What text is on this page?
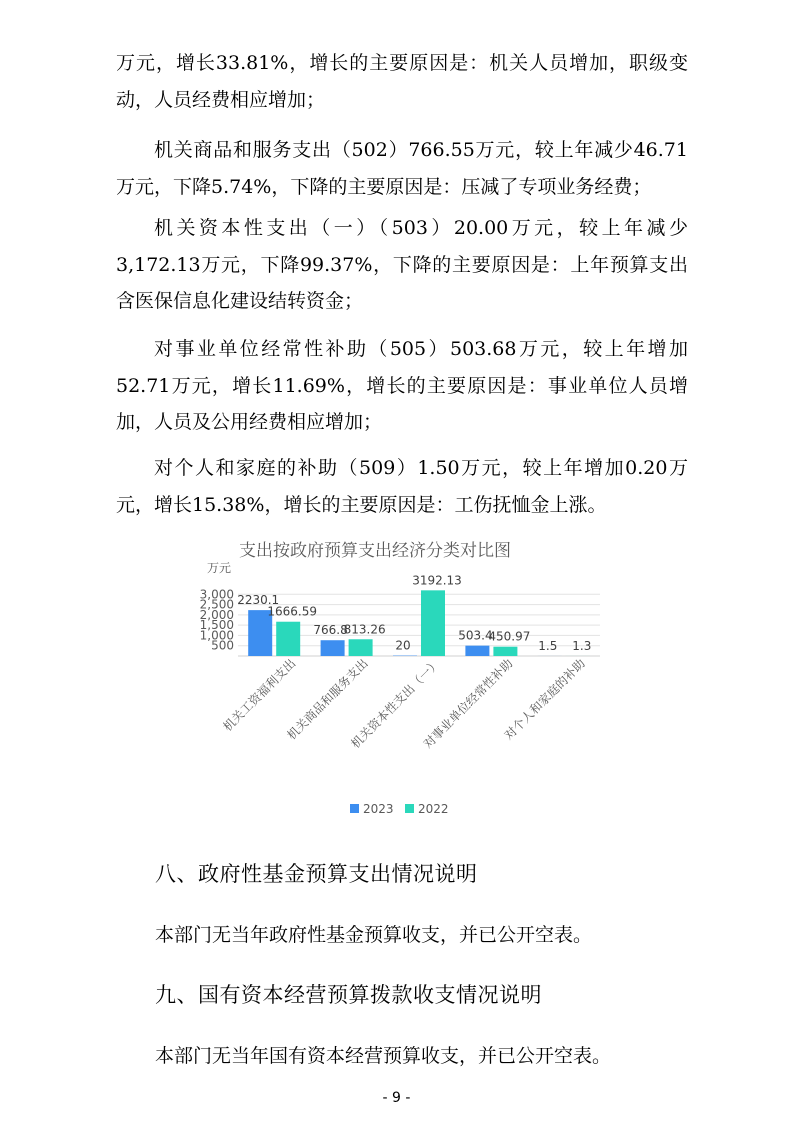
万元，增长33.81%，增长的主要原因是：机关人员增加，职级变动，人员经费相应增加；

机关商品和服务支出（502）766.55万元，较上年减少46.71万元，下降5.74%，下降的主要原因是：压减了专项业务经费；

机关资本性支出（一）（503）20.00万元，较上年减少3,172.13万元，下降99.37%，下降的主要原因是：上年预算支出含医保信息化建设结转资金；

对事业单位经常性补助（505）503.68万元，较上年增加52.71万元，增长11.69%，增长的主要原因是：事业单位人员增加，人员及公用经费相应增加；

对个人和家庭的补助（509）1.50万元，较上年增加0.20万元，增长15.38%，增长的主要原因是：工伤抚恤金上涨。

支出按政府预算支出经济分类对比图
万元
500
1,000
1,500
2,000
2,500
3,000 2230.1
1666.59
766.8
813.26
20
3192.13
503.4
450.97
1.5 1.3
机关工资福利支出
机关商品和服务支出
机关资本性支出（一）
对事业单位经常性补助
对个人和家庭的补助
2023 2022
八、政府性基金预算支出情况说明

本部门无当年政府性基金预算收支，并已公开空表。

九、国有资本经营预算拨款收支情况说明

本部门无当年国有资本经营预算收支，并已公开空表。

- 9 -
